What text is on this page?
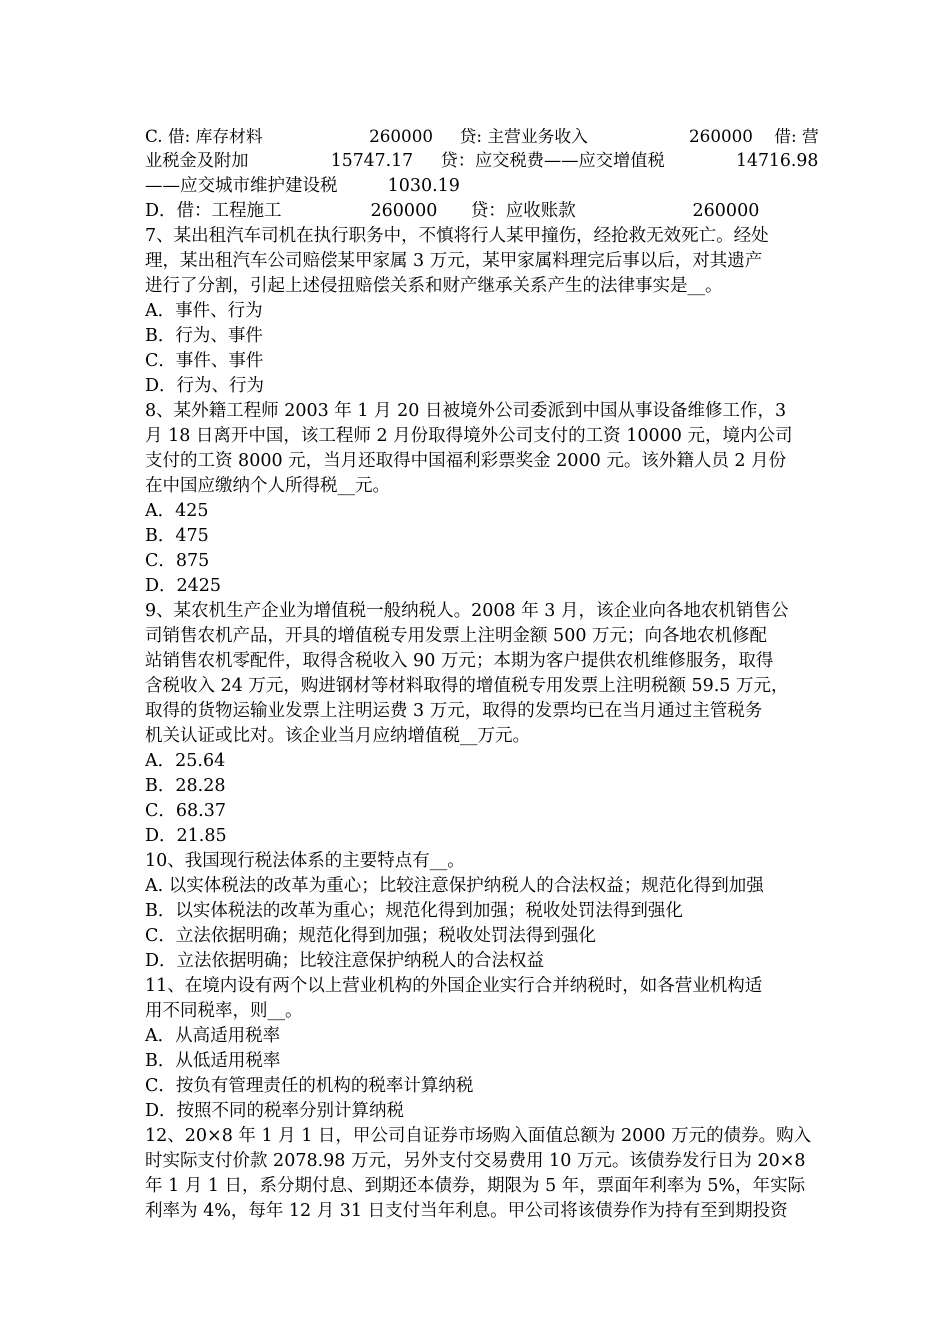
C. 借: 库存材料                    260000     贷: 主营业务收入                   260000    借: 营
业税金及附加               15747.17     贷：应交税费——应交增值税             14716.98
——应交城市维护建设税         1030.19
D．借：工程施工                260000      贷：应收账款                     260000
7、某出租汽车司机在执行职务中，不慎将行人某甲撞伤，经抢救无效死亡。经处
理，某出租汽车公司赔偿某甲家属 3 万元，某甲家属料理完后事以后，对其遗产
进行了分割，引起上述侵扭赔偿关系和财产继承关系产生的法律事实是__。
A．事件、行为
B．行为、事件
C．事件、事件
D．行为、行为
8、某外籍工程师 2003 年 1 月 20 日被境外公司委派到中国从事设备维修工作，3
月 18 日离开中国，该工程师 2 月份取得境外公司支付的工资 10000 元，境内公司
支付的工资 8000 元，当月还取得中国福利彩票奖金 2000 元。该外籍人员 2 月份
在中国应缴纳个人所得税__元。
A．425
B．475
C．875
D．2425
9、某农机生产企业为增值税一般纳税人。2008 年 3 月，该企业向各地农机销售公
司销售农机产品，开具的增值税专用发票上注明金额 500 万元；向各地农机修配
站销售农机零配件，取得含税收入 90 万元；本期为客户提供农机维修服务，取得
含税收入 24 万元，购进钢材等材料取得的增值税专用发票上注明税额 59.5 万元，
取得的货物运输业发票上注明运费 3 万元，取得的发票均已在当月通过主管税务
机关认证或比对。该企业当月应纳增值税__万元。
A．25.64
B．28.28
C．68.37
D．21.85
10、我国现行税法体系的主要特点有__。
A. 以实体税法的改革为重心；比较注意保护纳税人的合法权益；规范化得到加强
B．以实体税法的改革为重心；规范化得到加强；税收处罚法得到强化
C．立法依据明确；规范化得到加强；税收处罚法得到强化
D．立法依据明确；比较注意保护纳税人的合法权益
11、在境内设有两个以上营业机构的外国企业实行合并纳税时，如各营业机构适
用不同税率，则__。
A．从高适用税率
B．从低适用税率
C．按负有管理责任的机构的税率计算纳税
D．按照不同的税率分别计算纳税
12、20×8 年 1 月 1 日，甲公司自证券市场购入面值总额为 2000 万元的债券。购入
时实际支付价款 2078.98 万元，另外支付交易费用 10 万元。该债券发行日为 20×8
年 1 月 1 日，系分期付息、到期还本债券，期限为 5 年，票面年利率为 5%，年实际
利率为 4%，每年 12 月 31 日支付当年利息。甲公司将该债券作为持有至到期投资
